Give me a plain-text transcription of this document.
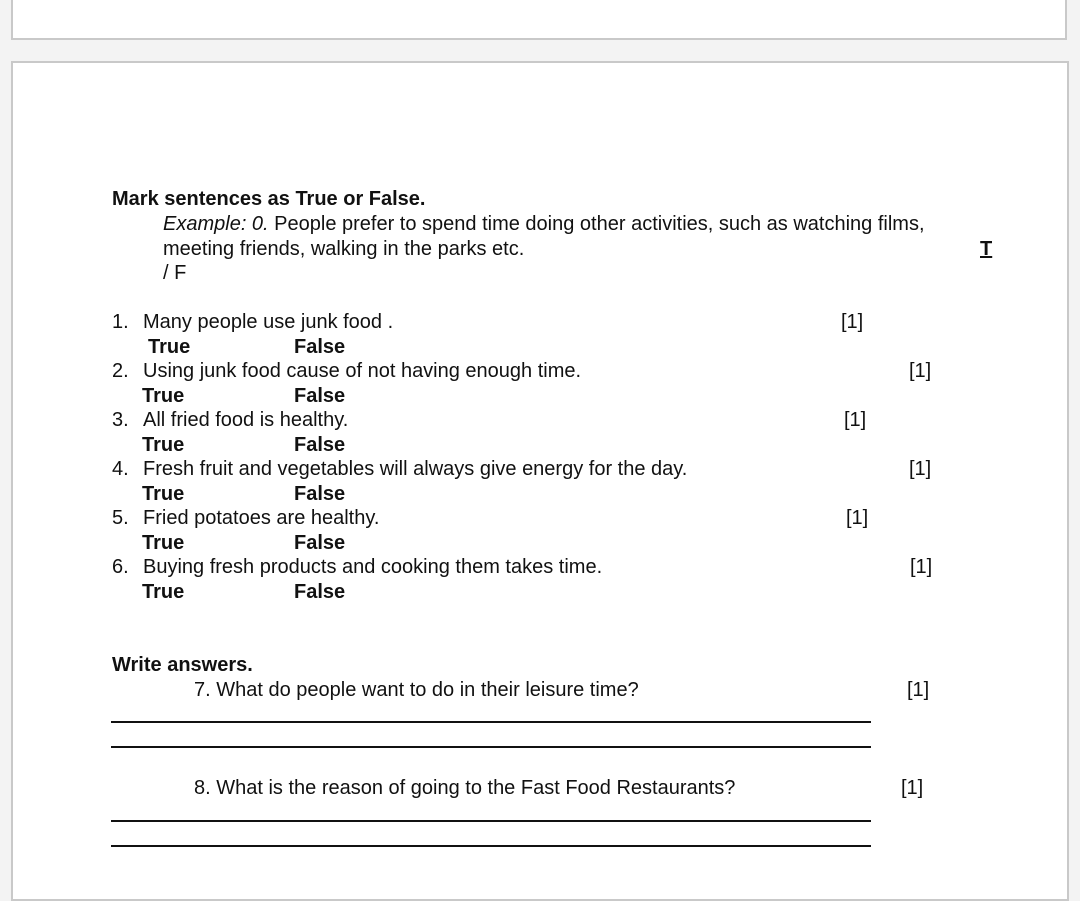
Mark sentences as True or False.
Example: 0. People prefer to spend time doing other activities, such as watching films,
meeting friends, walking in the parks etc.	T
/ F
1. Many people use junk food .	[1]
True	False
2. Using junk food cause of not having enough time.	[1]
True	False
3. All fried food is healthy.	[1]
True	False
4. Fresh fruit and vegetables will always give energy for the day.	[1]
True	False
5. Fried potatoes are healthy.	[1]
True	False
6. Buying fresh products and cooking them takes time.	[1]
True	False
Write answers.
7. What do people want to do in their leisure time?	[1]
8. What is the reason of going to the Fast Food Restaurants?	[1]
